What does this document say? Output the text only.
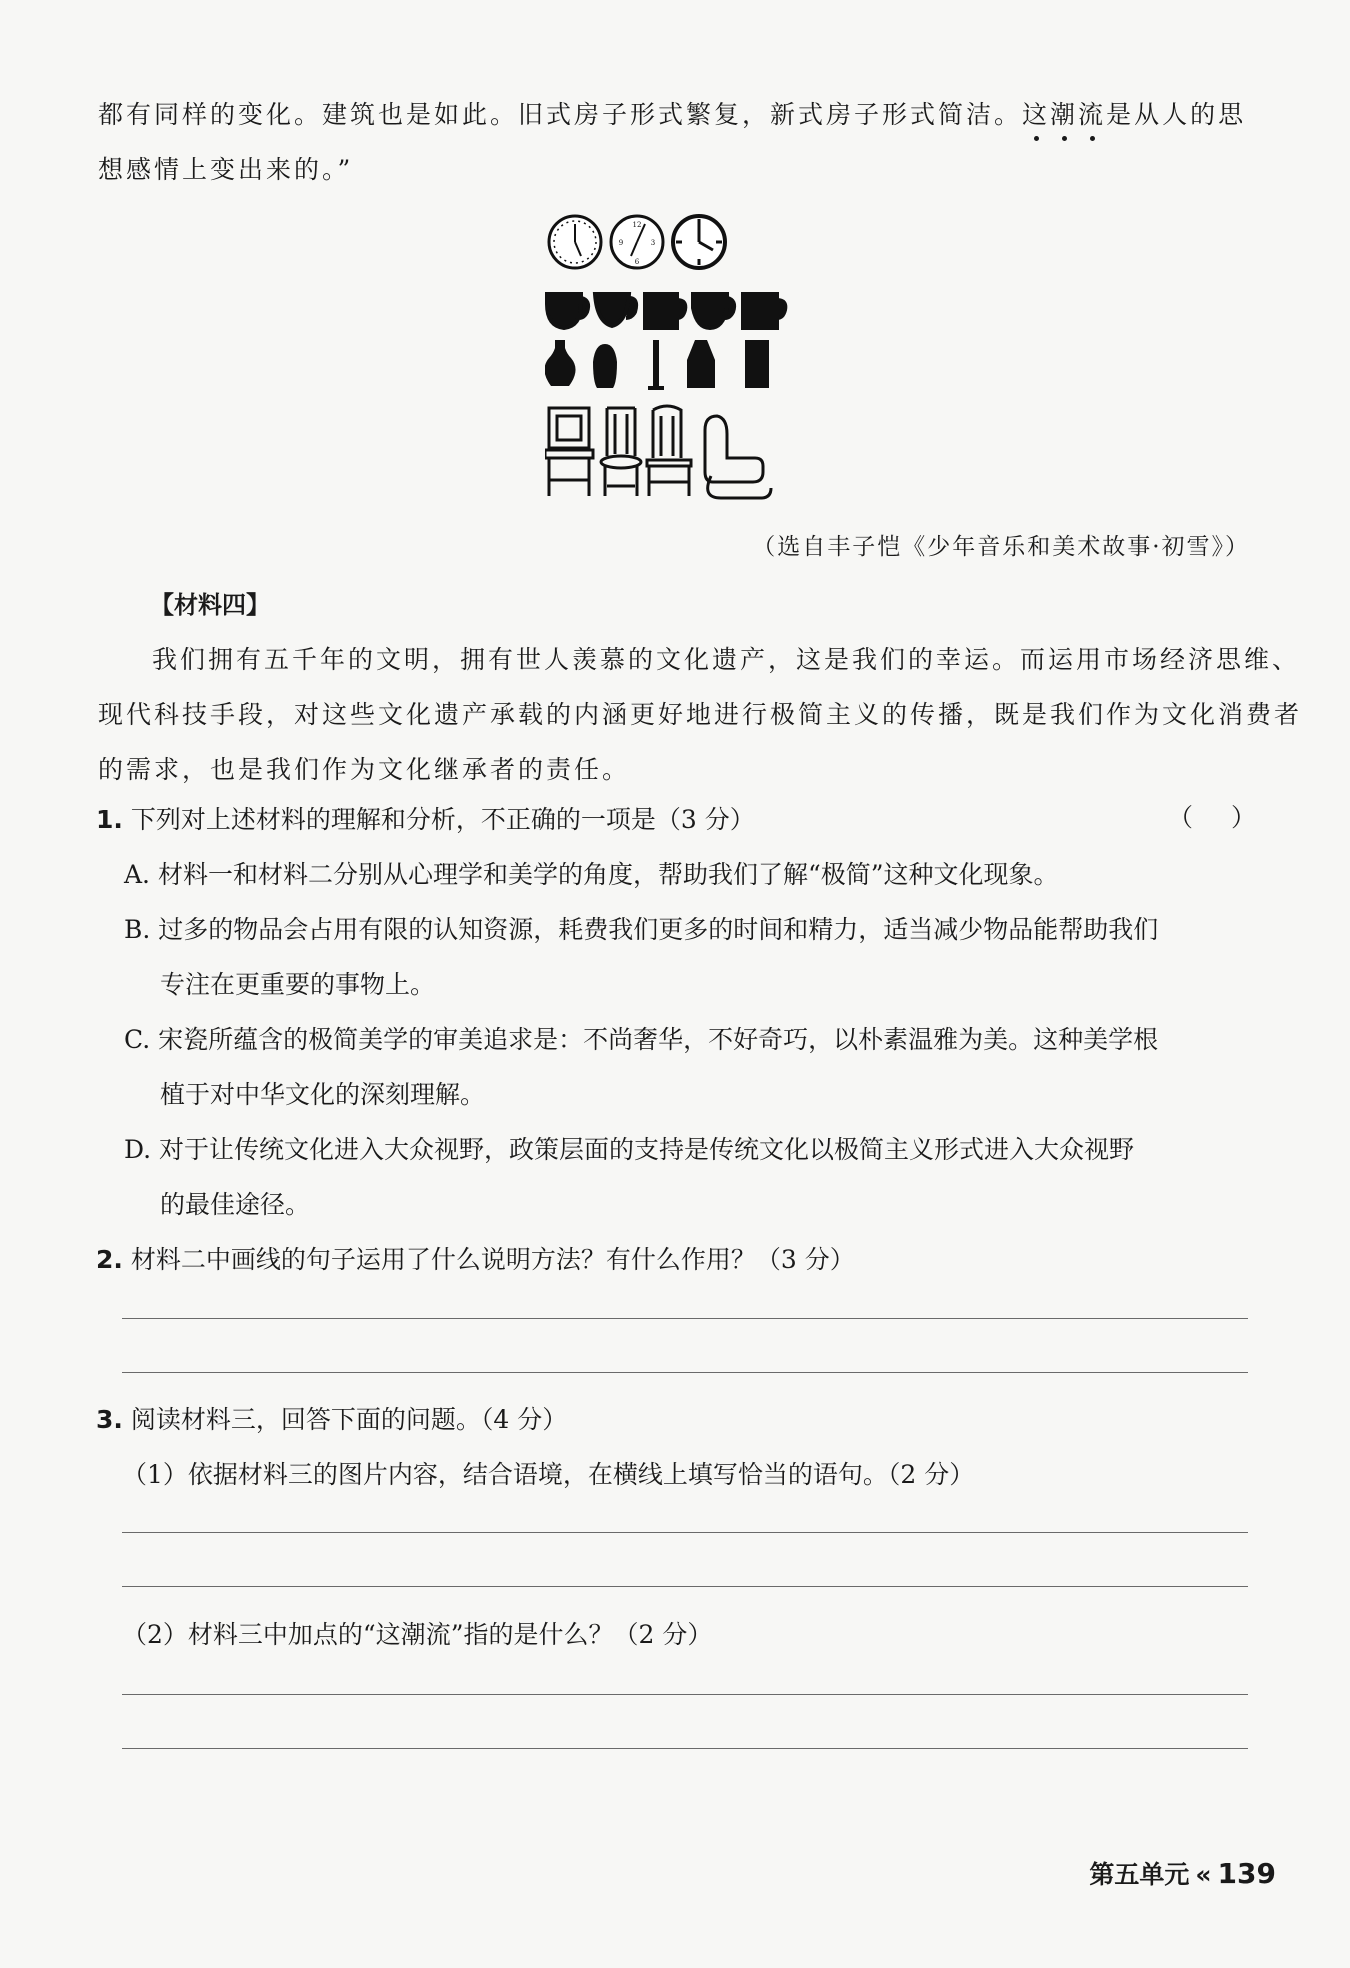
都有同样的变化。建筑也是如此。旧式房子形式繁复，新式房子形式简洁。这潮流是从人的思
想感情上变出来的。”
12
3
6
9
（选自丰子恺《少年音乐和美术故事·初雪》）
【材料四】
我们拥有五千年的文明，拥有世人羡慕的文化遗产，这是我们的幸运。而运用市场经济思维、
现代科技手段，对这些文化遗产承载的内涵更好地进行极简主义的传播，既是我们作为文化消费者
的需求，也是我们作为文化继承者的责任。
1. 下列对上述材料的理解和分析，不正确的一项是（3 分）	（）
A. 材料一和材料二分别从心理学和美学的角度，帮助我们了解“极简”这种文化现象。
B. 过多的物品会占用有限的认知资源，耗费我们更多的时间和精力，适当减少物品能帮助我们
专注在更重要的事物上。
C. 宋瓷所蕴含的极简美学的审美追求是：不尚奢华，不好奇巧，以朴素温雅为美。这种美学根
植于对中华文化的深刻理解。
D. 对于让传统文化进入大众视野，政策层面的支持是传统文化以极简主义形式进入大众视野
的最佳途径。
2. 材料二中画线的句子运用了什么说明方法？有什么作用？（3 分）
3. 阅读材料三，回答下面的问题。（4 分）
（1）依据材料三的图片内容，结合语境，在横线上填写恰当的语句。（2 分）
（2）材料三中加点的“这潮流”指的是什么？（2 分）
第五单元 « 139
